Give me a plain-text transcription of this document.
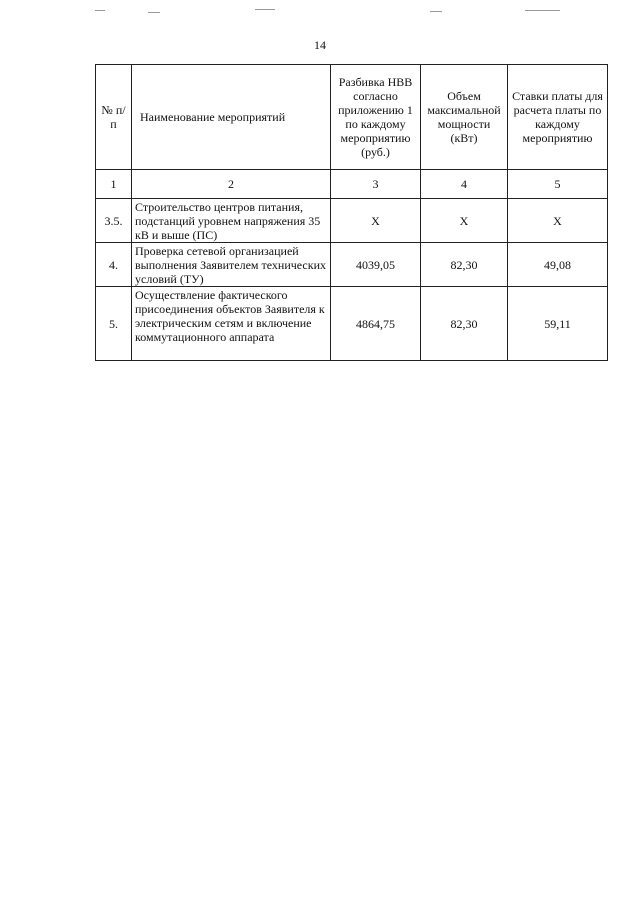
14
№ п/п	Наименование мероприятий	Разбивка НВВ согласно приложению 1 по каждому мероприятию (руб.)	Объем максимальной мощности (кВт)	Ставки платы для расчета платы по каждому мероприятию
1	2	3	4	5
3.5.	Строительство центров питания, подстанций уровнем напряжения 35 кВ и выше (ПС)	Х	Х	Х
4.	Проверка сетевой организацией выполнения Заявителем технических условий (ТУ)	4039,05	82,30	49,08
5.	Осуществление фактического присоединения объектов Заявителя к электрическим сетям и включение коммутационного аппарата	4864,75	82,30	59,11
